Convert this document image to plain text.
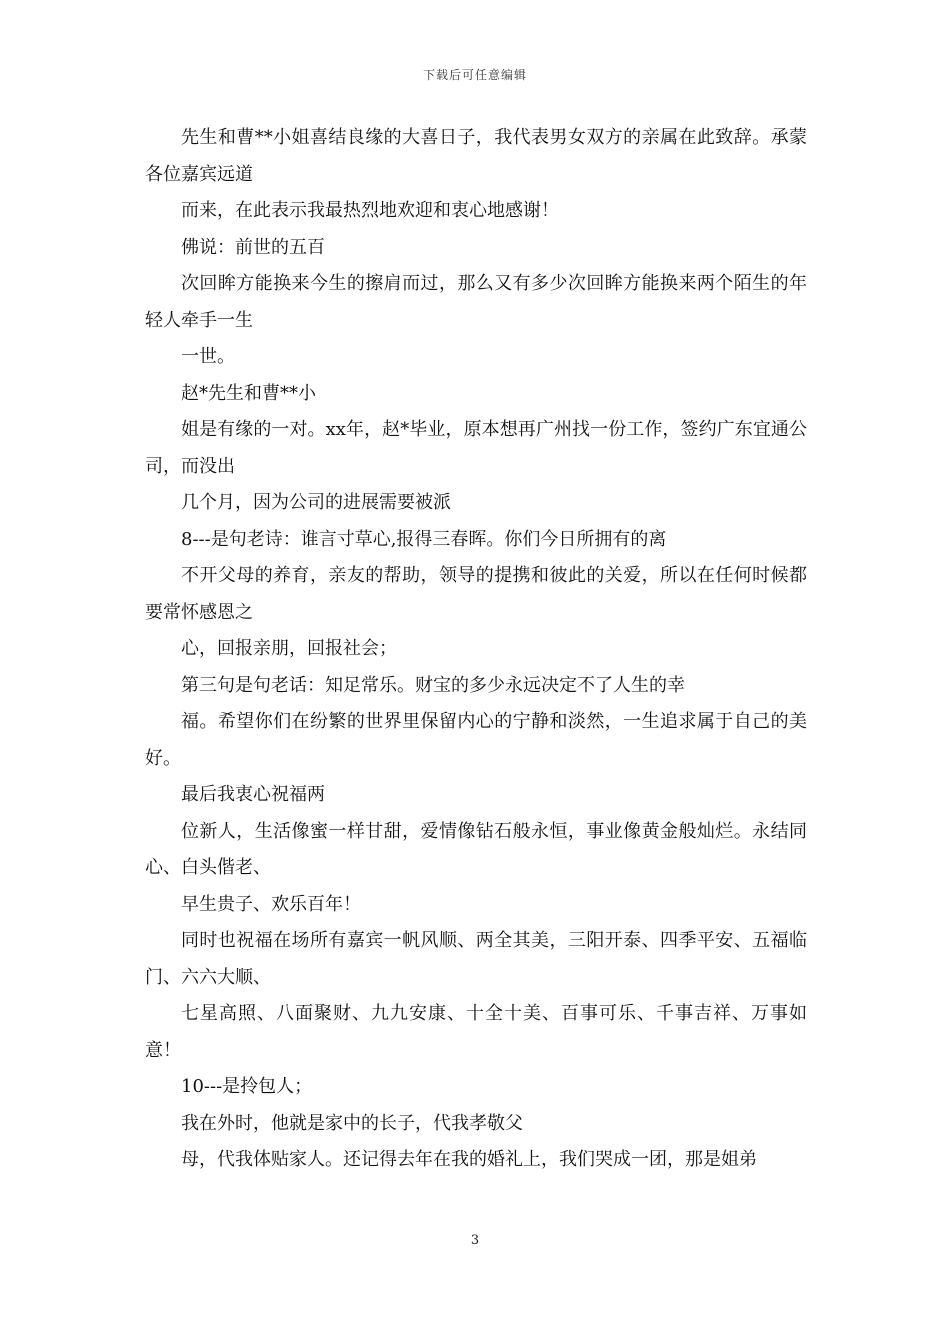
下载后可任意编辑

先生和曹**小姐喜结良缘的大喜日子，我代表男女双方的亲属在此致辞。承蒙各位嘉宾远道

而来，在此表示我最热烈地欢迎和衷心地感谢！

佛说：前世的五百

次回眸方能换来今生的擦肩而过，那么又有多少次回眸方能换来两个陌生的年轻人牵手一生

一世。

赵*先生和曹**小

姐是有缘的一对。xx年，赵*毕业，原本想再广州找一份工作，签约广东宜通公司，而没出

几个月，因为公司的进展需要被派

8---是句老诗：谁言寸草心,报得三春晖。你们今日所拥有的离

不开父母的养育，亲友的帮助，领导的提携和彼此的关爱，所以在任何时候都要常怀感恩之

心，回报亲朋，回报社会；

第三句是句老话：知足常乐。财宝的多少永远决定不了人生的幸

福。希望你们在纷繁的世界里保留内心的宁静和淡然，一生追求属于自己的美好。

最后我衷心祝福两

位新人，生活像蜜一样甘甜，爱情像钻石般永恒，事业像黄金般灿烂。永结同心、白头偕老、

早生贵子、欢乐百年！

同时也祝福在场所有嘉宾一帆风顺、两全其美，三阳开泰、四季平安、五福临门、六六大顺、

七星高照、八面聚财、九九安康、十全十美、百事可乐、千事吉祥、万事如意！

10---是拎包人；

我在外时，他就是家中的长子，代我孝敬父

母，代我体贴家人。还记得去年在我的婚礼上，我们哭成一团，那是姐弟

3
